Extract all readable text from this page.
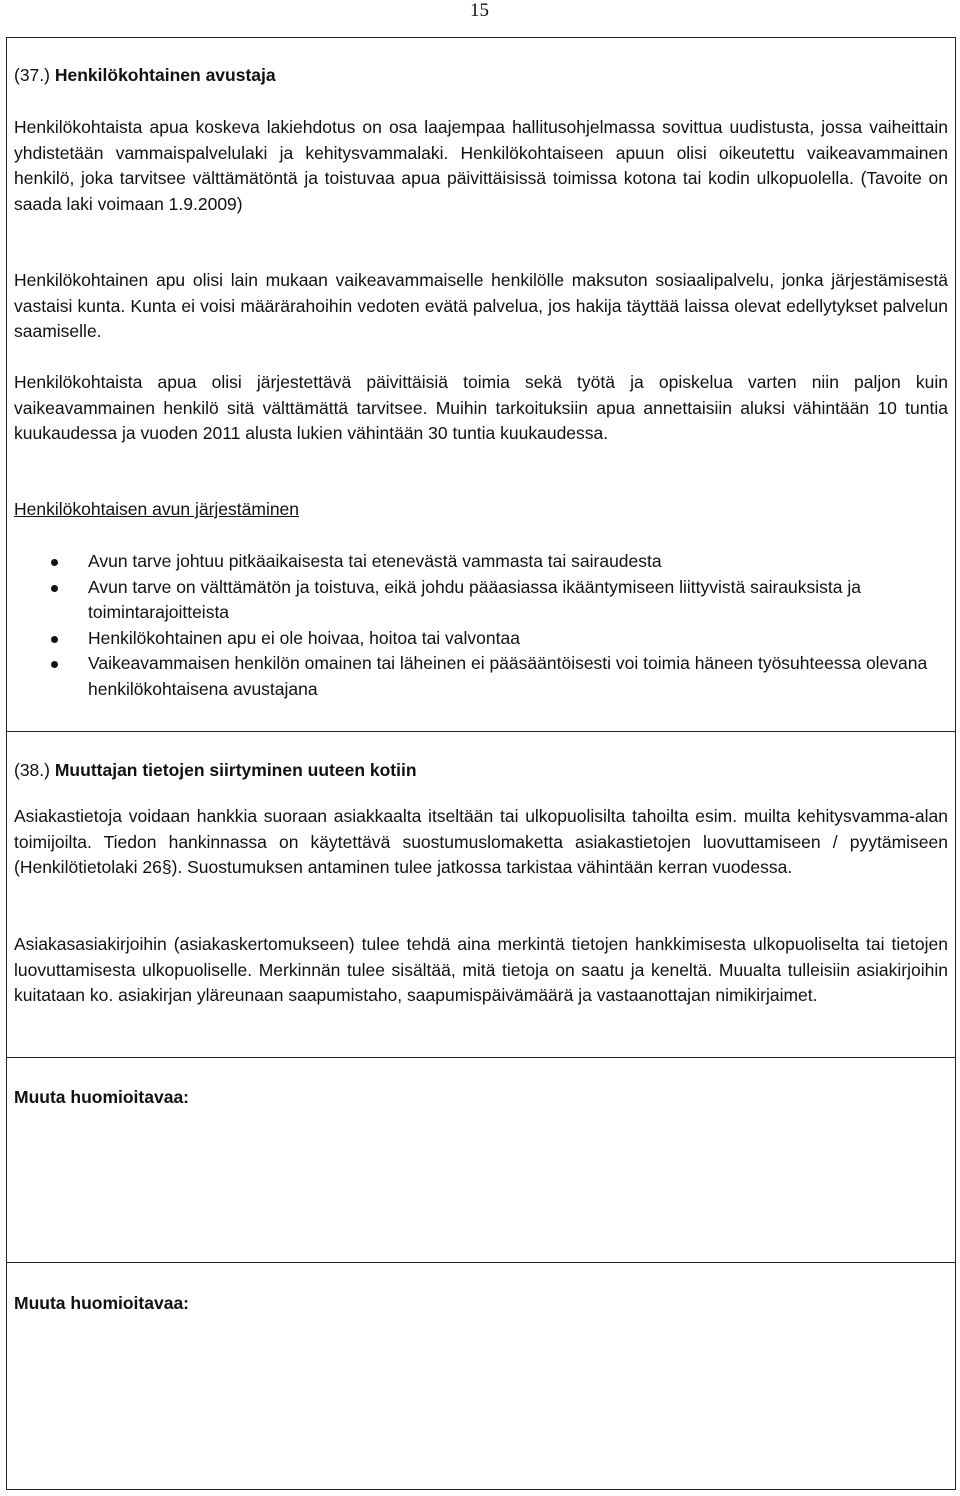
15
(37.) Henkilökohtainen avustaja

Henkilökohtaista apua koskeva lakiehdotus on osa laajempaa hallitusohjelmassa sovittua uudistusta, jossa vaiheittain yhdistetään vammaispalvelulaki ja kehitysvammalaki. Henkilökohtaiseen apuun olisi oikeutettu vaikeavammainen henkilö, joka tarvitsee välttämätöntä ja toistuvaa apua päivittäisissä toimissa kotona tai kodin ulkopuolella. (Tavoite on saada laki voimaan 1.9.2009)

Henkilökohtainen apu olisi lain mukaan vaikeavammaiselle henkilölle maksuton sosiaalipalvelu, jonka järjestämisestä vastaisi kunta. Kunta ei voisi määrärahoihin vedoten evätä palvelua, jos hakija täyttää laissa olevat edellytykset palvelun saamiselle.

Henkilökohtaista apua olisi järjestettävä päivittäisiä toimia sekä työtä ja opiskelua varten niin paljon kuin vaikeavammainen henkilö sitä välttämättä tarvitsee. Muihin tarkoituksiin apua annettaisiin aluksi vähintään 10 tuntia kuukaudessa ja vuoden 2011 alusta lukien vähintään 30 tuntia kuukaudessa.

Henkilökohtaisen avun järjestäminen
Avun tarve johtuu pitkäaikaisesta tai etenevästä vammasta tai sairaudesta
Avun tarve on välttämätön ja toistuva, eikä johdu pääasiassa ikääntymiseen liittyvistä sairauksista ja toimintarajoitteista
Henkilökohtainen apu ei ole hoivaa, hoitoa tai valvontaa
Vaikeavammaisen henkilön omainen tai läheinen ei pääsääntöisesti voi toimia häneen työsuhteessa olevana henkilökohtaisena avustajana
(38.) Muuttajan tietojen siirtyminen uuteen kotiin

Asiakastietoja voidaan hankkia suoraan asiakkaalta itseltään tai ulkopuolisilta tahoilta esim. muilta kehitysvamma-alan toimijoilta. Tiedon hankinnassa on käytettävä suostumuslomaketta asiakastietojen luovuttamiseen / pyytämiseen (Henkilötietolaki 26§). Suostumuksen antaminen tulee jatkossa tarkistaa vähintään kerran vuodessa.

Asiakasasiakirjoihin (asiakaskertomukseen) tulee tehdä aina merkintä tietojen hankkimisesta ulkopuoliselta tai tietojen luovuttamisesta ulkopuoliselle. Merkinnän tulee sisältää, mitä tietoja on saatu ja keneltä. Muualta tulleisiin asiakirjoihin kuitataan ko. asiakirjan yläreunaan saapumistaho, saapumispäivämäärä ja vastaanottajan nimikirjaimet.

Muuta huomioitavaa:
Muuta huomioitavaa:
